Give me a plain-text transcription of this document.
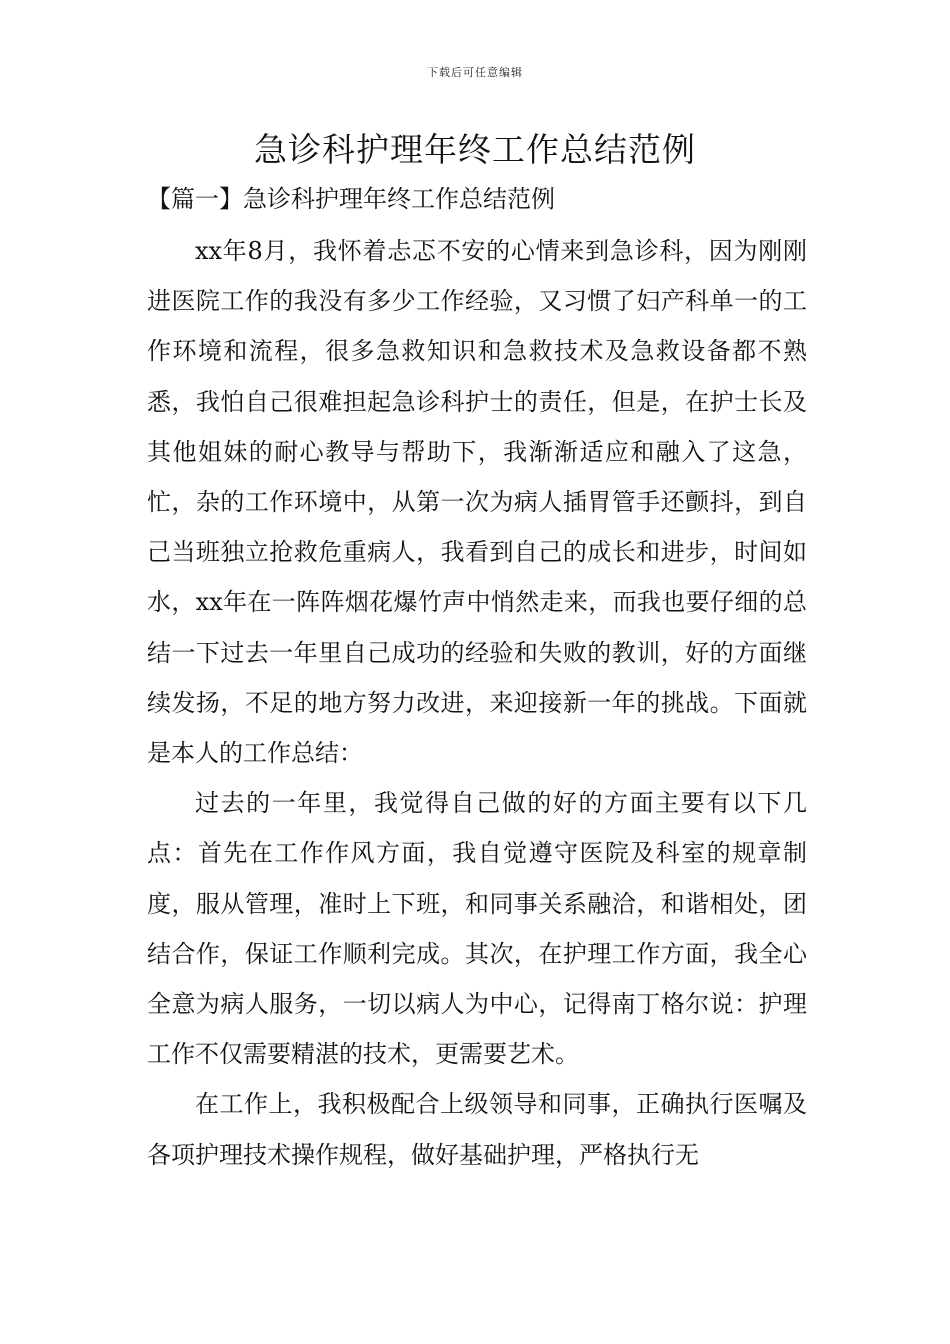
下载后可任意编辑
急诊科护理年终工作总结范例
【篇一】急诊科护理年终工作总结范例

xx年8月，我怀着忐忑不安的心情来到急诊科，因为刚刚进医院工作的我没有多少工作经验，又习惯了妇产科单一的工作环境和流程，很多急救知识和急救技术及急救设备都不熟悉，我怕自己很难担起急诊科护士的责任，但是，在护士长及其他姐妹的耐心教导与帮助下，我渐渐适应和融入了这急，忙，杂的工作环境中，从第一次为病人插胃管手还颤抖，到自己当班独立抢救危重病人，我看到自己的成长和进步，时间如水，xx年在一阵阵烟花爆竹声中悄然走来，而我也要仔细的总结一下过去一年里自己成功的经验和失败的教训，好的方面继续发扬，不足的地方努力改进，来迎接新一年的挑战。下面就是本人的工作总结：

过去的一年里，我觉得自己做的好的方面主要有以下几点：首先在工作作风方面，我自觉遵守医院及科室的规章制度，服从管理，准时上下班，和同事关系融洽，和谐相处，团结合作，保证工作顺利完成。其次，在护理工作方面，我全心全意为病人服务，一切以病人为中心，记得南丁格尔说：护理工作不仅需要精湛的技术，更需要艺术。

在工作上，我积极配合上级领导和同事，正确执行医嘱及各项护理技术操作规程，做好基础护理，严格执行无
